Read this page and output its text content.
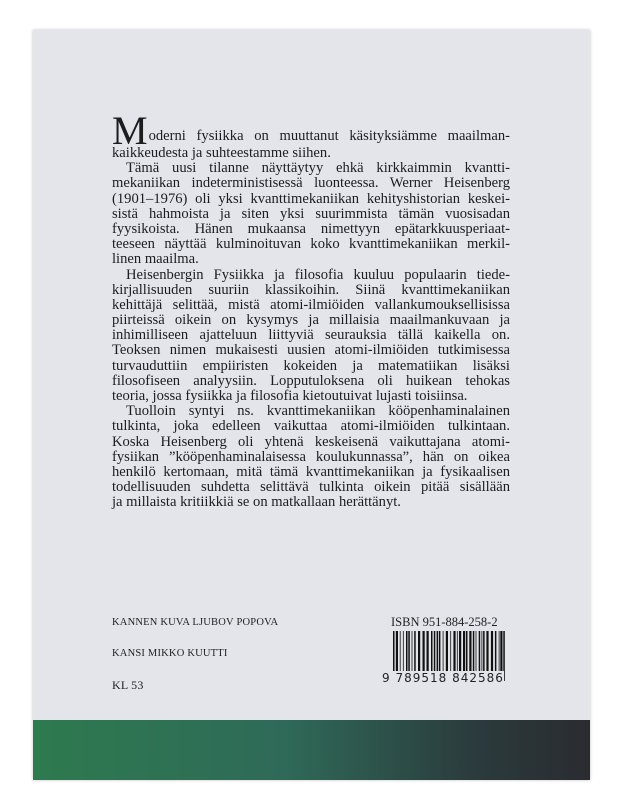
M oderni fysiikka on muuttanut käsityksiämme maailman-
kaikkeudesta ja suhteestamme siihen.
Tämä uusi tilanne näyttäytyy ehkä kirkkaimmin kvantti-
mekaniikan indeterministisessä luonteessa. Werner Heisenberg
(1901–1976) oli yksi kvanttimekaniikan kehityshistorian keskei-
sistä hahmoista ja siten yksi suurimmista tämän vuosisadan
fyysikoista. Hänen mukaansa nimettyyn epätarkkuusperiaat-
teeseen näyttää kulminoituvan koko kvanttimekaniikan merkil-
linen maailma.
Heisenbergin Fysiikka ja filosofia kuuluu populaarin tiede-
kirjallisuuden suuriin klassikoihin. Siinä kvanttimekaniikan
kehittäjä selittää, mistä atomi-ilmiöiden vallankumouksellisissa
piirteissä oikein on kysymys ja millaisia maailmankuvaan ja
inhimilliseen ajatteluun liittyviä seurauksia tällä kaikella on.
Teoksen nimen mukaisesti uusien atomi-ilmiöiden tutkimisessa
turvauduttiin empiiristen kokeiden ja matematiikan lisäksi
filosofiseen analyysiin. Lopputuloksena oli huikean tehokas
teoria, jossa fysiikka ja filosofia kietoutuivat lujasti toisiinsa.
Tuolloin syntyi ns. kvanttimekaniikan kööpenhaminalainen
tulkinta, joka edelleen vaikuttaa atomi-ilmiöiden tulkintaan.
Koska Heisenberg oli yhtenä keskeisenä vaikuttajana atomi-
fysiikan ”kööpenhaminalaisessa koulukunnassa”, hän on oikea
henkilö kertomaan, mitä tämä kvanttimekaniikan ja fysikaalisen
todellisuuden suhdetta selittävä tulkinta oikein pitää sisällään
ja millaista kritiikkiä se on matkallaan herättänyt.
KANNEN KUVA LJUBOV POPOVA
KANSI MIKKO KUUTTI
KL 53
ISBN 951-884-258-2
9 789518 842586
